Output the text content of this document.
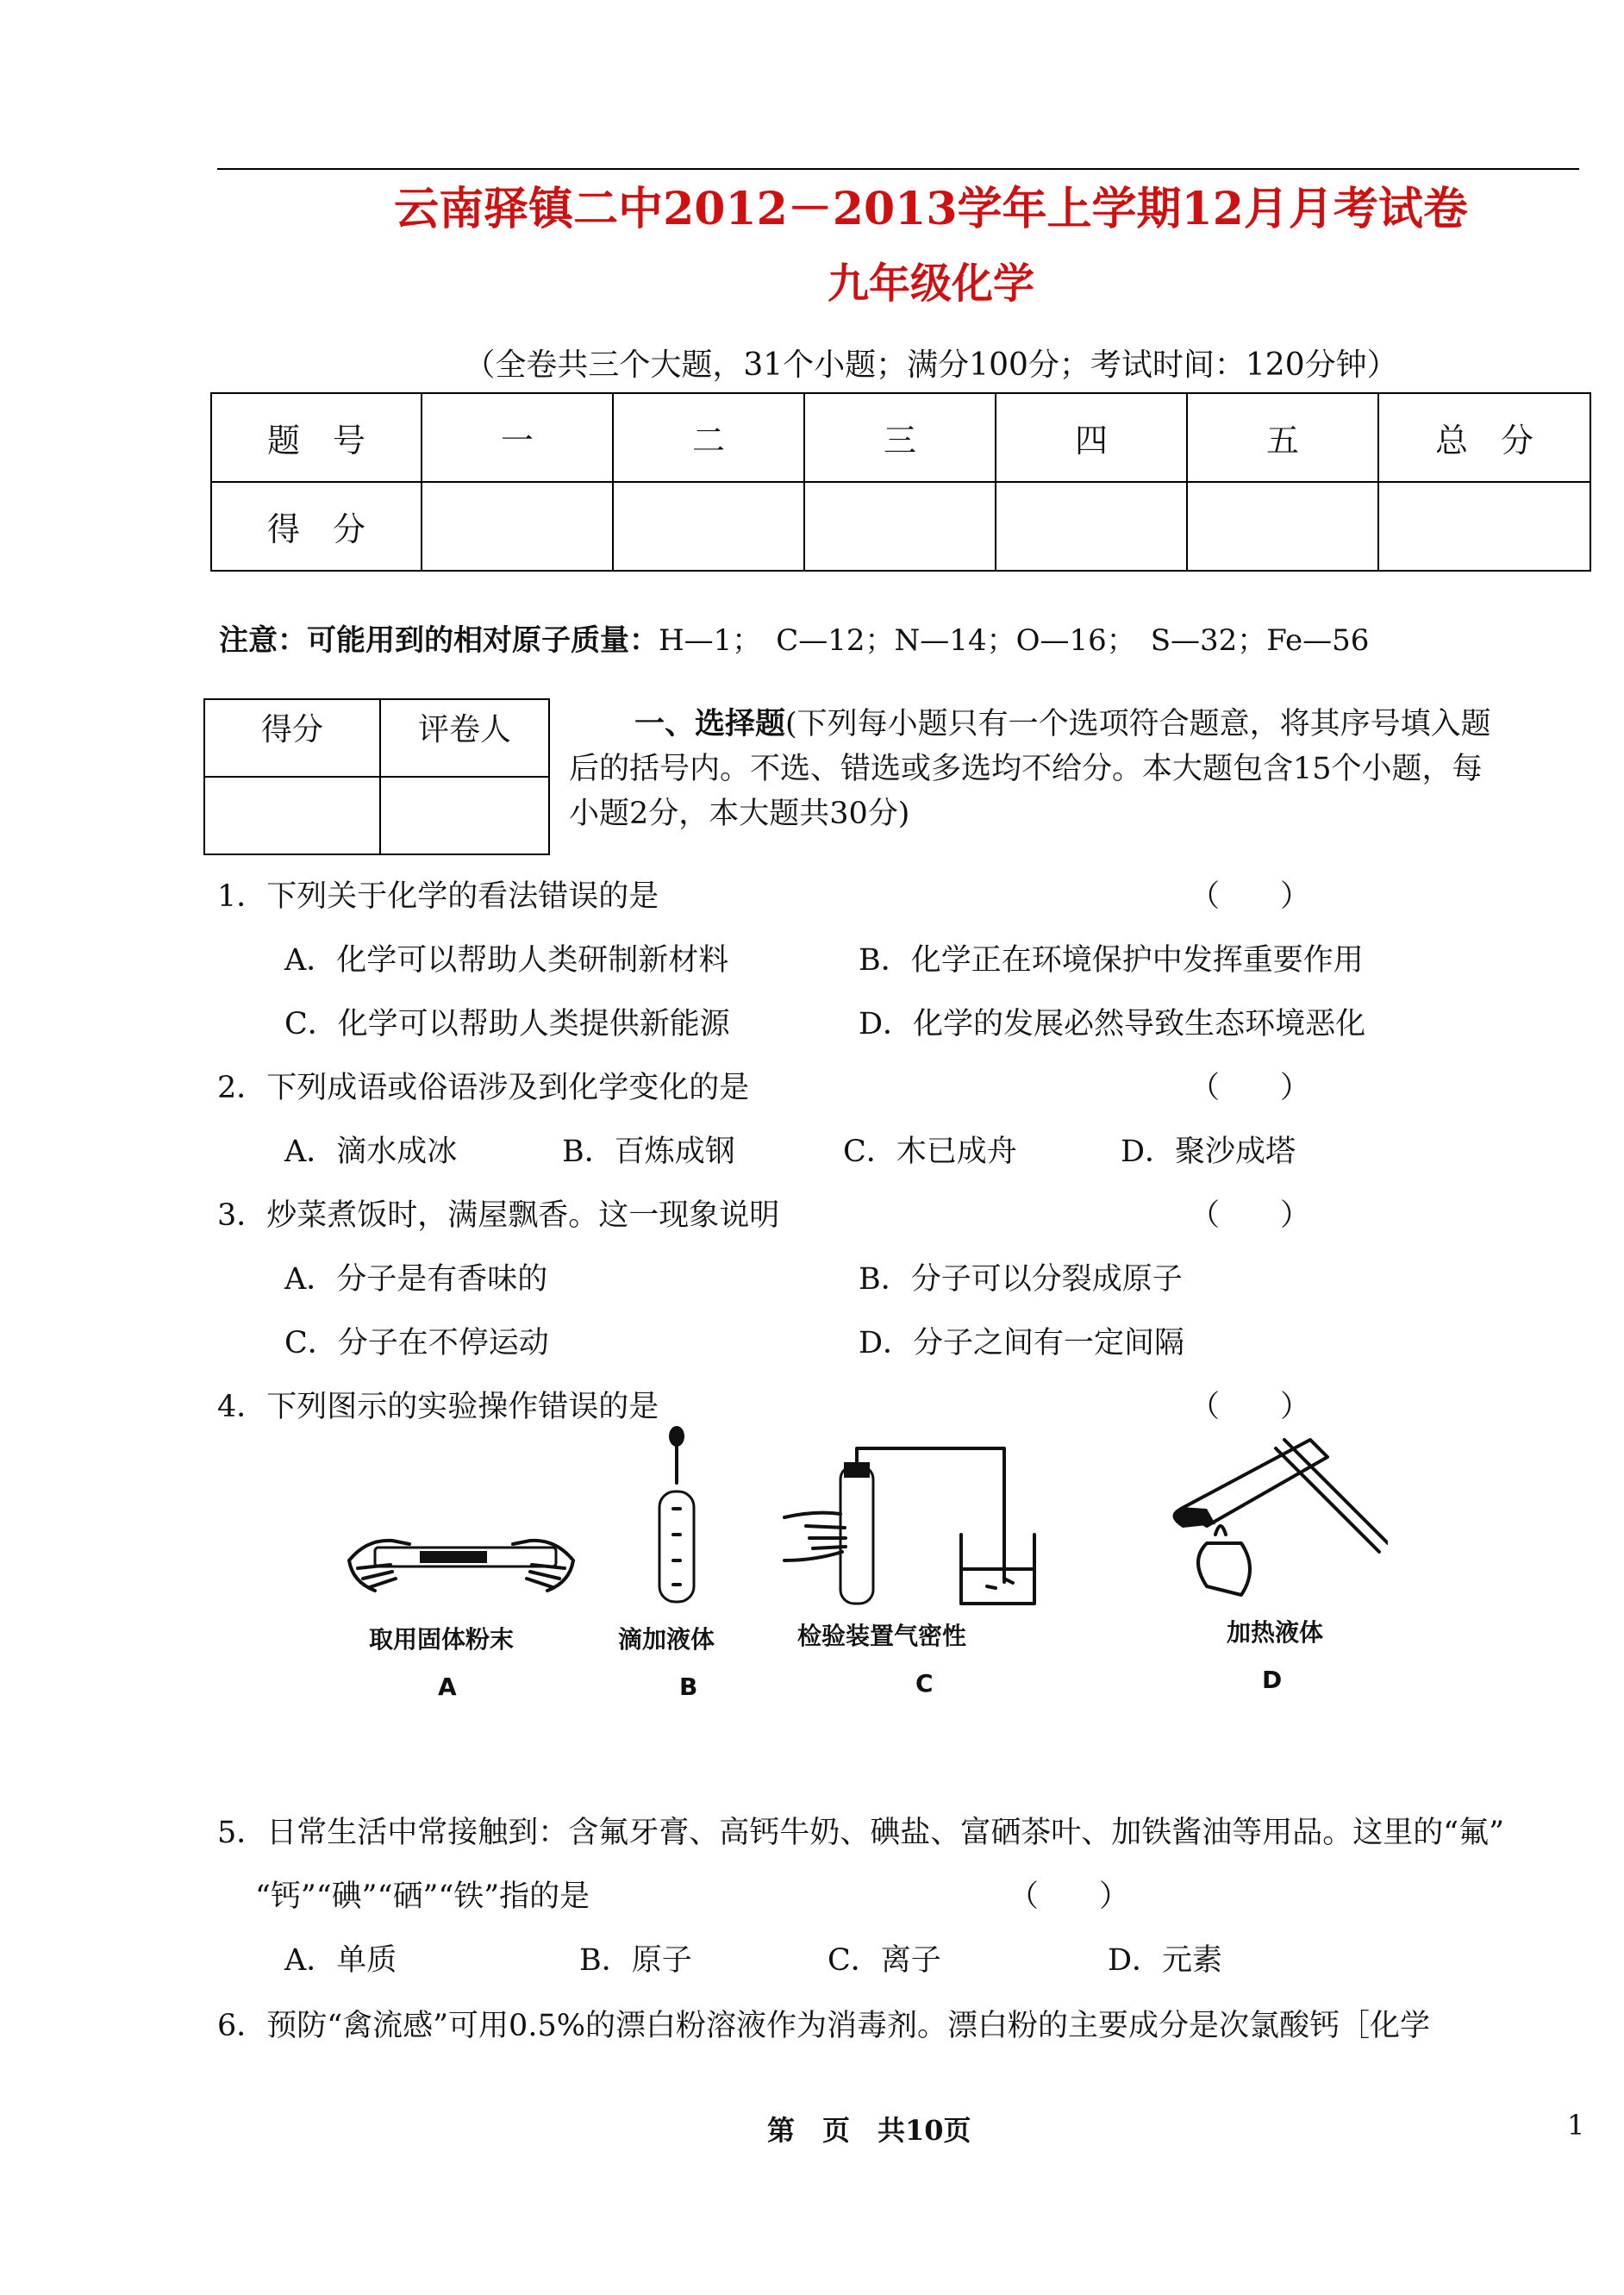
云南驿镇二中2012－2013学年上学期12月月考试卷
九年级化学
（全卷共三个大题，31个小题；满分100分；考试时间：120分钟）
题　号	一	二	三	四	五	总　分
得　分						
注意：可能用到的相对原子质量：H—1；　C—12；N—14；O—16；　S—32；Fe—56
得分	评卷人
		一、选择题(下列每小题只有一个选项符合题意，将其序号填入题
后的括号内。不选、错选或多选均不给分。本大题包含15个小题，每
小题2分，本大题共30分)
1．下列关于化学的看法错误的是	（　　）
A．化学可以帮助人类研制新材料	B．化学正在环境保护中发挥重要作用
C．化学可以帮助人类提供新能源	D．化学的发展必然导致生态环境恶化
2．下列成语或俗语涉及到化学变化的是	（　　）
A．滴水成冰	B．百炼成钢	C．木已成舟	D．聚沙成塔
3．炒菜煮饭时，满屋飘香。这一现象说明	（　　）
A．分子是有香味的	B．分子可以分裂成原子
C．分子在不停运动	D．分子之间有一定间隔
4．下列图示的实验操作错误的是	（　　）
取用固体粉末	滴加液体	检验装置气密性	加热液体
A	B	C	D
5．日常生活中常接触到：含氟牙膏、高钙牛奶、碘盐、富硒茶叶、加铁酱油等用品。这里的“氟”
“钙”“碘”“硒”“铁”指的是	（　　）
A．单质	B．原子	C．离子	D．元素
6．预防“禽流感”可用0.5%的漂白粉溶液作为消毒剂。漂白粉的主要成分是次氯酸钙［化学
第　页　共10页	1
